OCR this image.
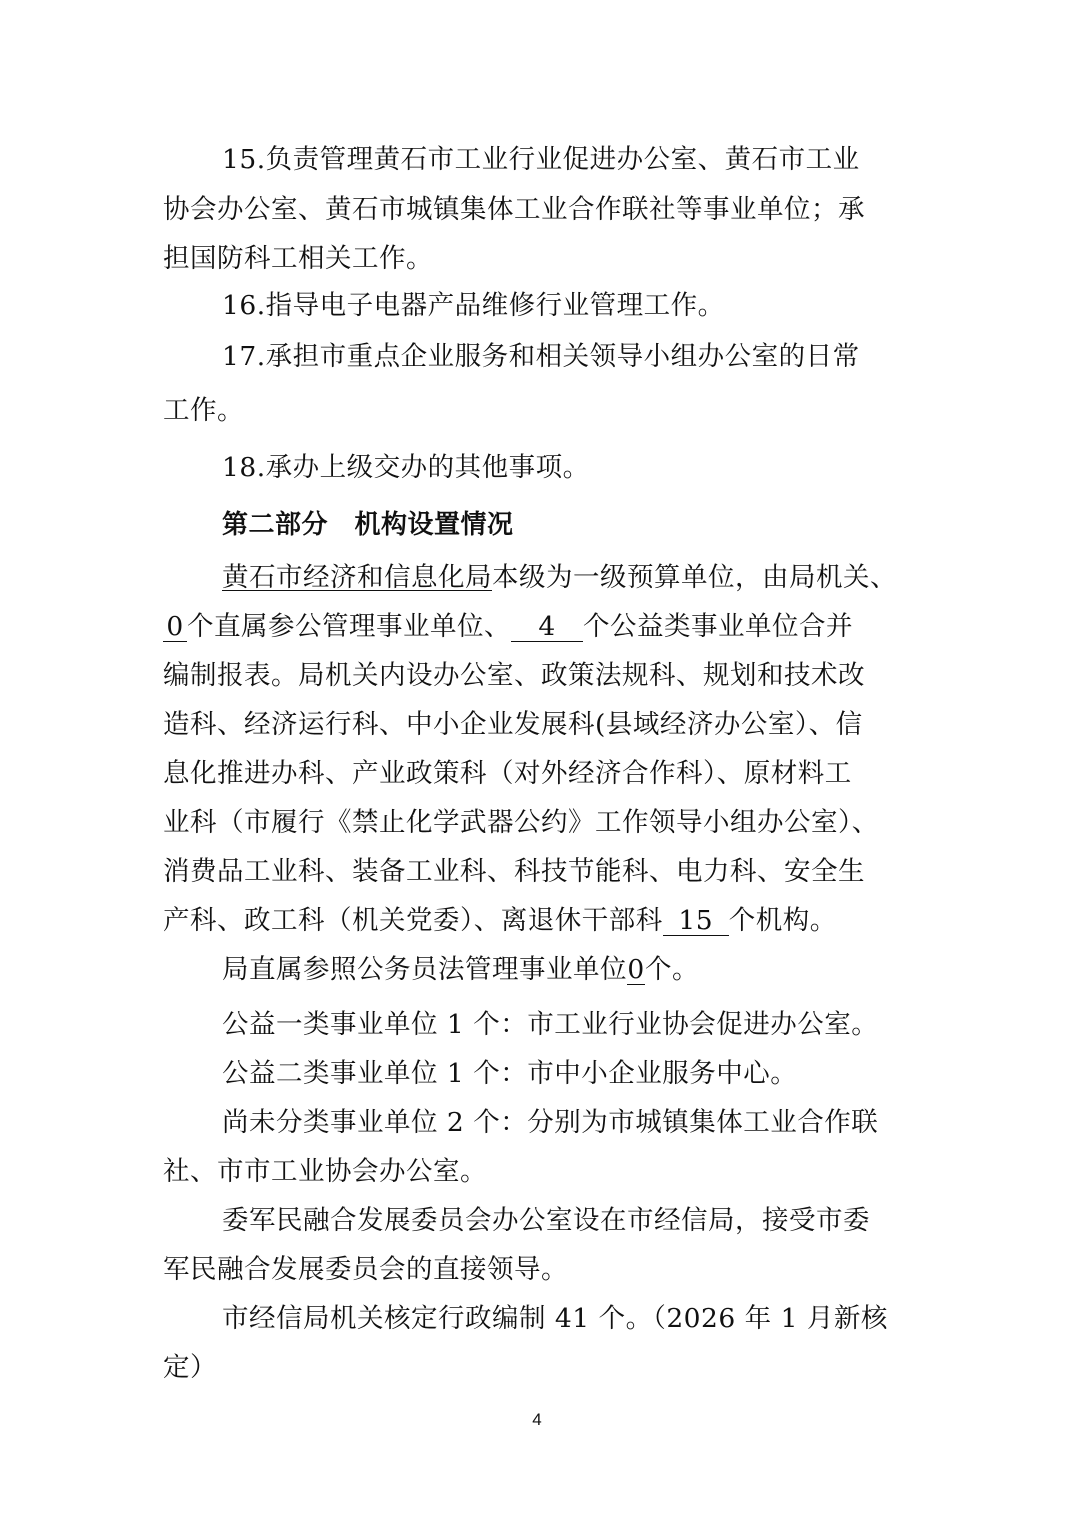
15.负责管理黄石市工业行业促进办公室、黄石市工业
协会办公室、黄石市城镇集体工业合作联社等事业单位；承
担国防科工相关工作。
16.指导电子电器产品维修行业管理工作。
17.承担市重点企业服务和相关领导小组办公室的日常
工作。
18.承办上级交办的其他事项。
第二部分　机构设置情况
黄石市经济和信息化局本级为一级预算单位，由局机关、
0 个直属参公管理事业单位、 4 个公益类事业单位合并
编制报表。局机关内设办公室、政策法规科、规划和技术改
造科、经济运行科、中小企业发展科(县域经济办公室）、信
息化推进办科、产业政策科（对外经济合作科）、原材料工
业科（市履行《禁止化学武器公约》工作领导小组办公室）、
消费品工业科、装备工业科、科技节能科、电力科、安全生
产科、政工科（机关党委）、离退休干部科 15 个机构。
局直属参照公务员法管理事业单位0个。
公益一类事业单位 1 个：市工业行业协会促进办公室。
公益二类事业单位 1 个：市中小企业服务中心。
尚未分类事业单位 2 个：分别为市城镇集体工业合作联
社、市市工业协会办公室。
委军民融合发展委员会办公室设在市经信局，接受市委
军民融合发展委员会的直接领导。
市经信局机关核定行政编制 41 个。（2026 年 1 月新核
定）
4
